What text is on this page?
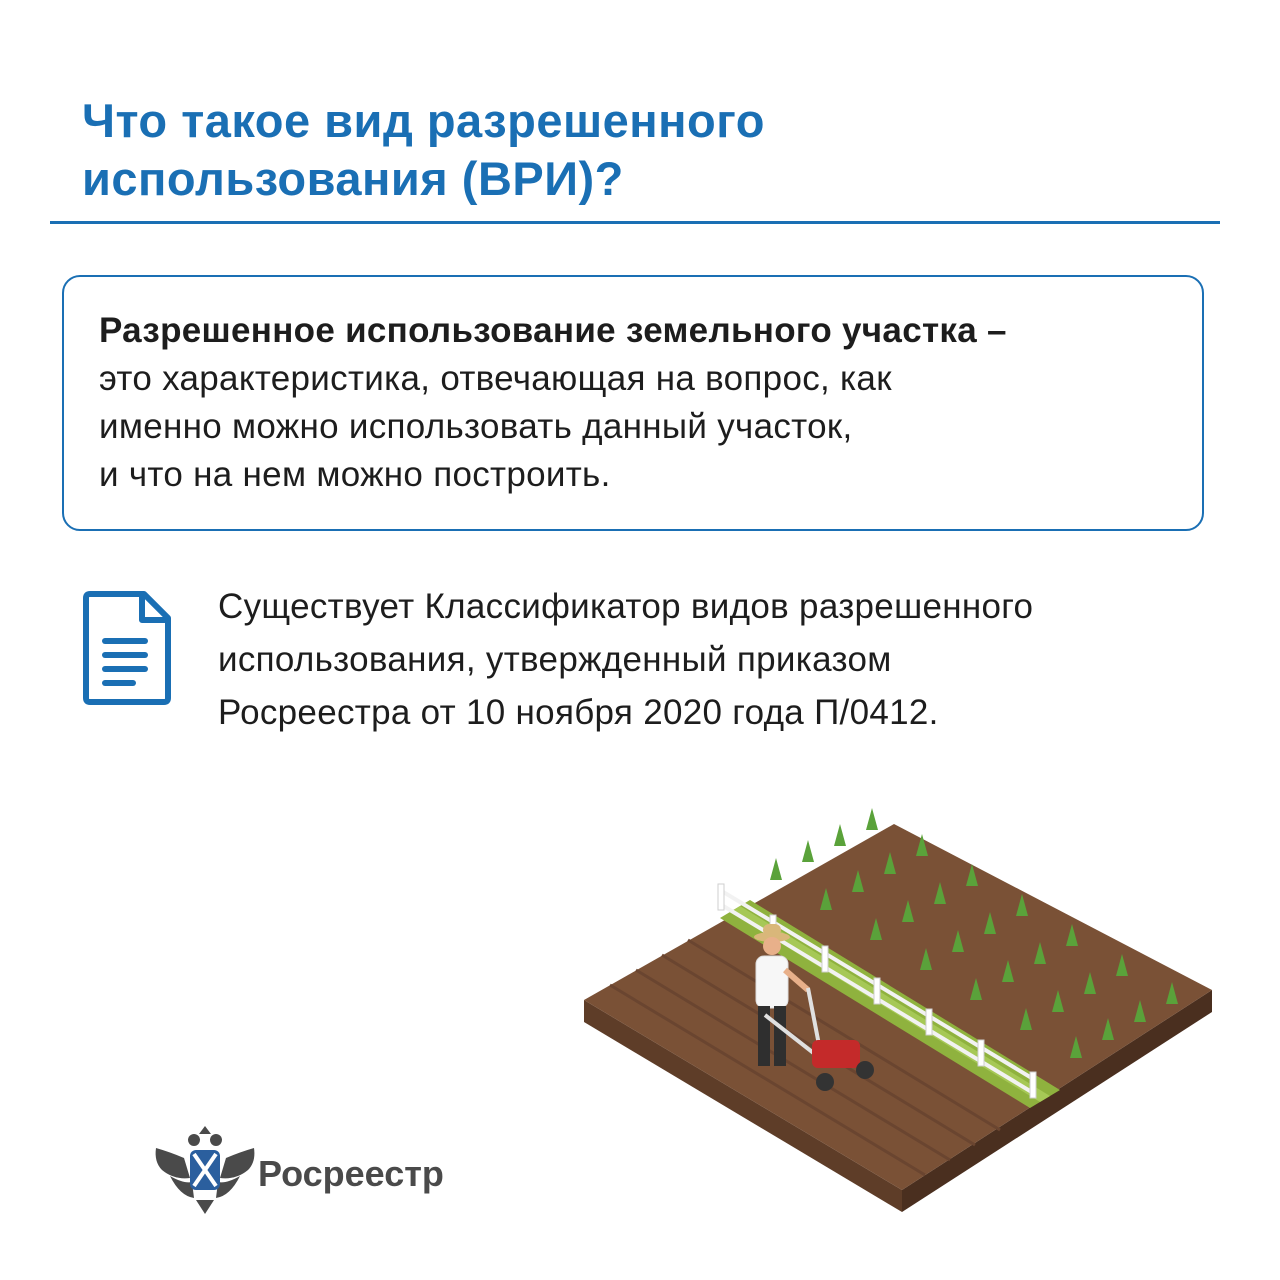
Что такое вид разрешенного
использования (ВРИ)?

Разрешенное использование земельного участка –
это характеристика, отвечающая на вопрос, как
именно можно использовать данный участок,
и что на нем можно построить.

Существует Классификатор видов разрешенного
использования, утвержденный приказом
Росреестра от 10 ноября 2020 года П/0412.
Росреестр
